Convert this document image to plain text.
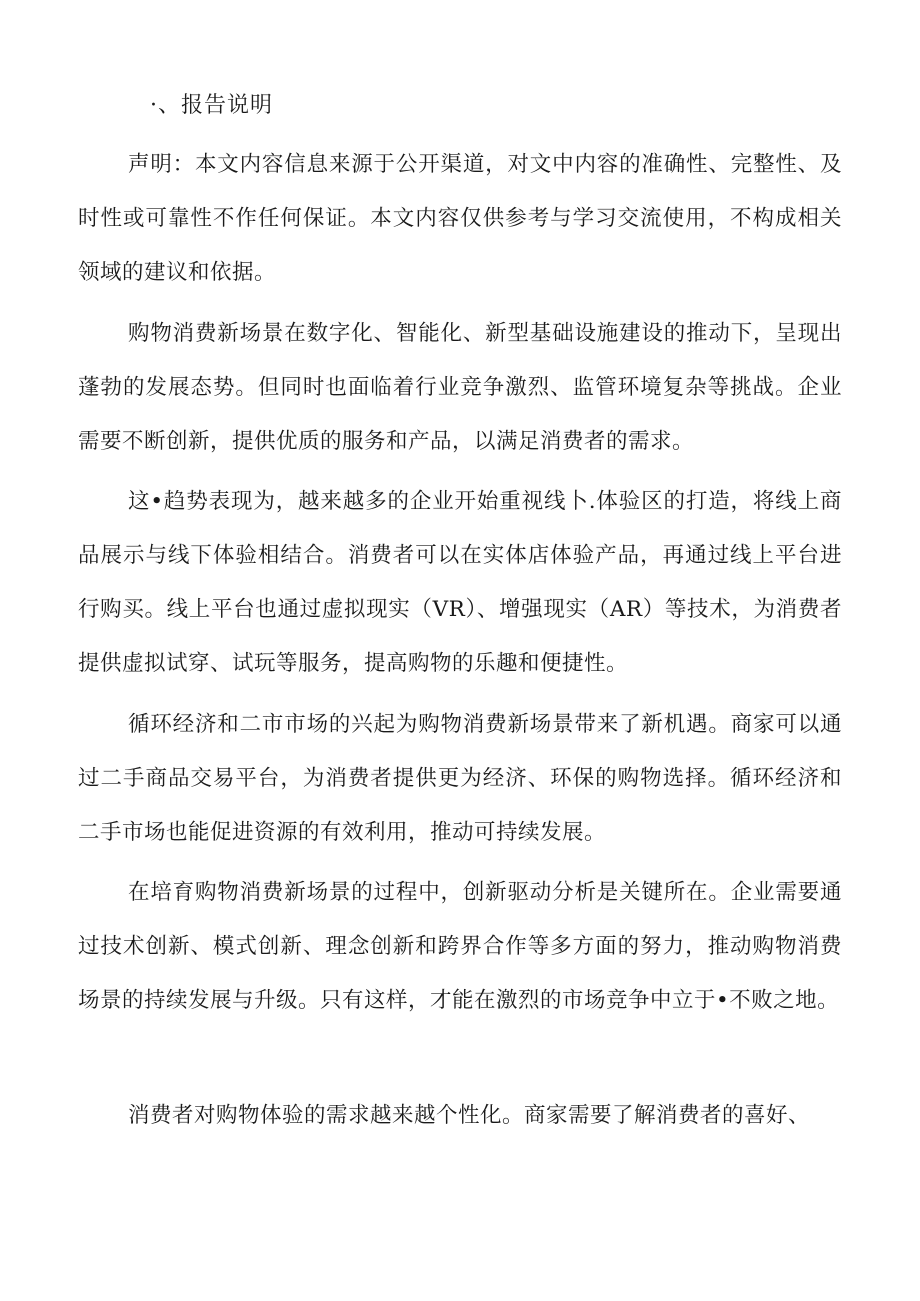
·、报告说明

声明：本文内容信息来源于公开渠道，对文中内容的准确性、完整性、及时性或可靠性不作任何保证。本文内容仅供参考与学习交流使用，不构成相关领域的建议和依据。

购物消费新场景在数字化、智能化、新型基础设施建设的推动下，呈现出蓬勃的发展态势。但同时也面临着行业竞争激烈、监管环境复杂等挑战。企业需要不断创新，提供优质的服务和产品，以满足消费者的需求。

这•趋势表现为，越来越多的企业开始重视线卜.体验区的打造，将线上商品展示与线下体验相结合。消费者可以在实体店体验产品，再通过线上平台进行购买。线上平台也通过虚拟现实（VR）、增强现实（AR）等技术，为消费者提供虚拟试穿、试玩等服务，提高购物的乐趣和便捷性。

循环经济和二市市场的兴起为购物消费新场景带来了新机遇。商家可以通过二手商品交易平台，为消费者提供更为经济、环保的购物选择。循环经济和二手市场也能促进资源的有效利用，推动可持续发展。

在培育购物消费新场景的过程中，创新驱动分析是关键所在。企业需要通过技术创新、模式创新、理念创新和跨界合作等多方面的努力，推动购物消费场景的持续发展与升级。只有这样，才能在激烈的市场竞争中立于•不败之地。

消费者对购物体验的需求越来越个性化。商家需要了解消费者的喜好、
